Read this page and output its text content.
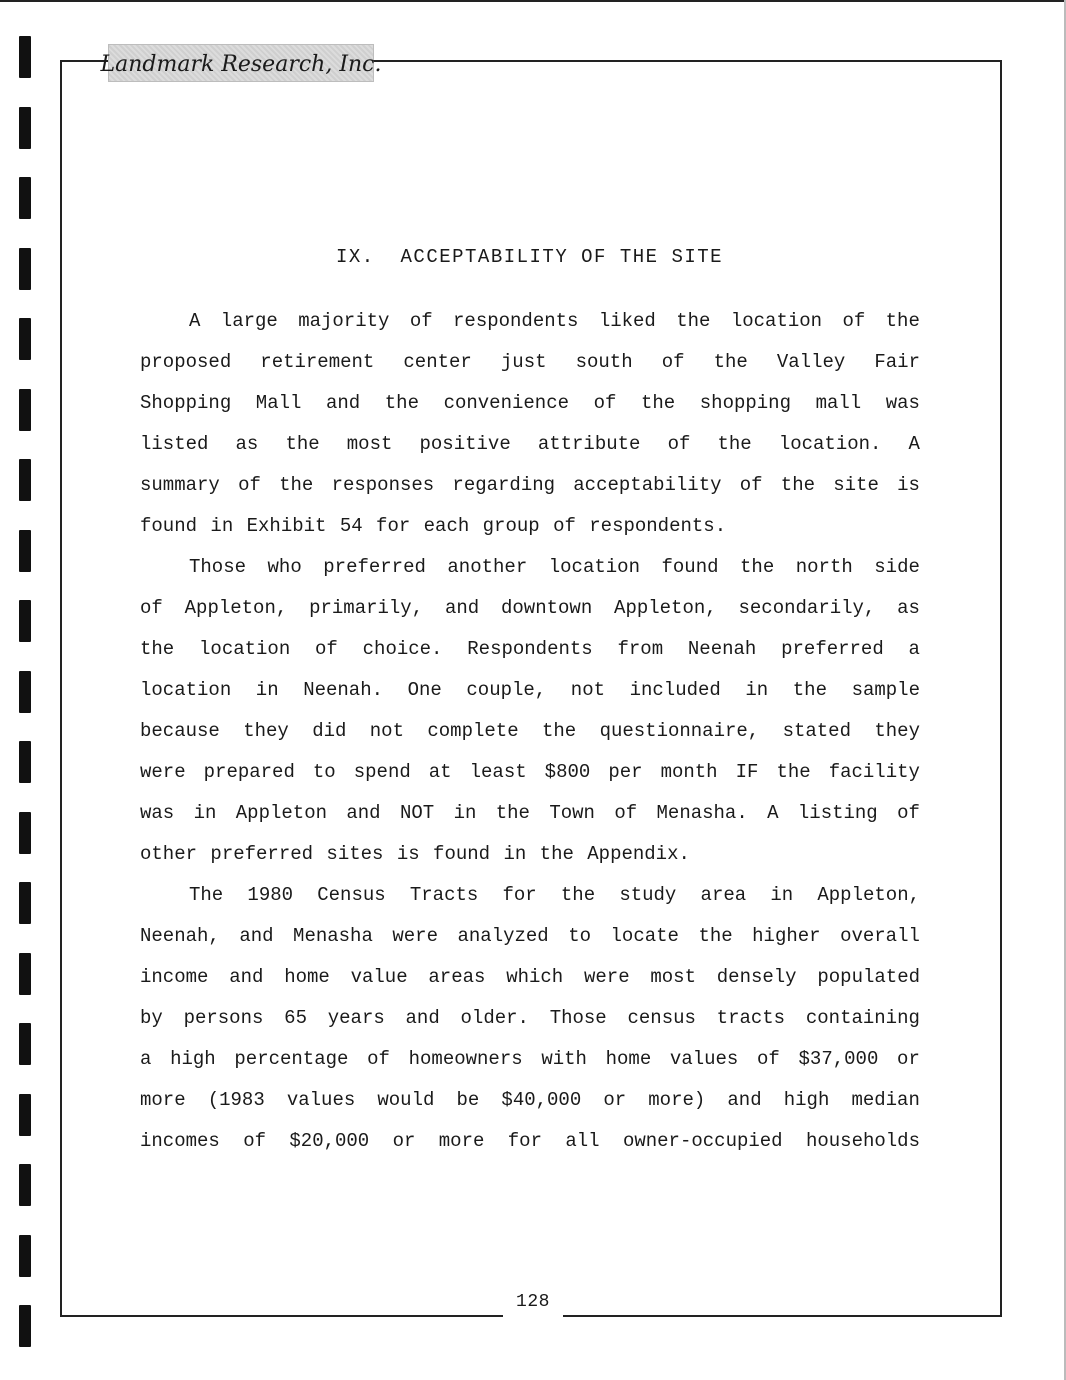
Landmark Research, Inc.
IX.  ACCEPTABILITY OF THE SITE
A large majority of respondents liked the location of the
proposed retirement center just south of the Valley Fair
Shopping Mall and the convenience of the shopping mall was
listed as the most positive attribute of the location. A
summary of the responses regarding acceptability of the site is
found in Exhibit 54 for each group of respondents.
Those who preferred another location found the north side
of Appleton, primarily, and downtown Appleton, secondarily, as
the location of choice. Respondents from Neenah preferred a
location in Neenah. One couple, not included in the sample
because they did not complete the questionnaire, stated they
were prepared to spend at least $800 per month IF the facility
was in Appleton and NOT in the Town of Menasha. A listing of
other preferred sites is found in the Appendix.
The 1980 Census Tracts for the study area in Appleton,
Neenah, and Menasha were analyzed to locate the higher overall
income and home value areas which were most densely populated
by persons 65 years and older. Those census tracts containing
a high percentage of homeowners with home values of $37,000 or
more (1983 values would be $40,000 or more) and high median
incomes of $20,000 or more for all owner-occupied households
128
